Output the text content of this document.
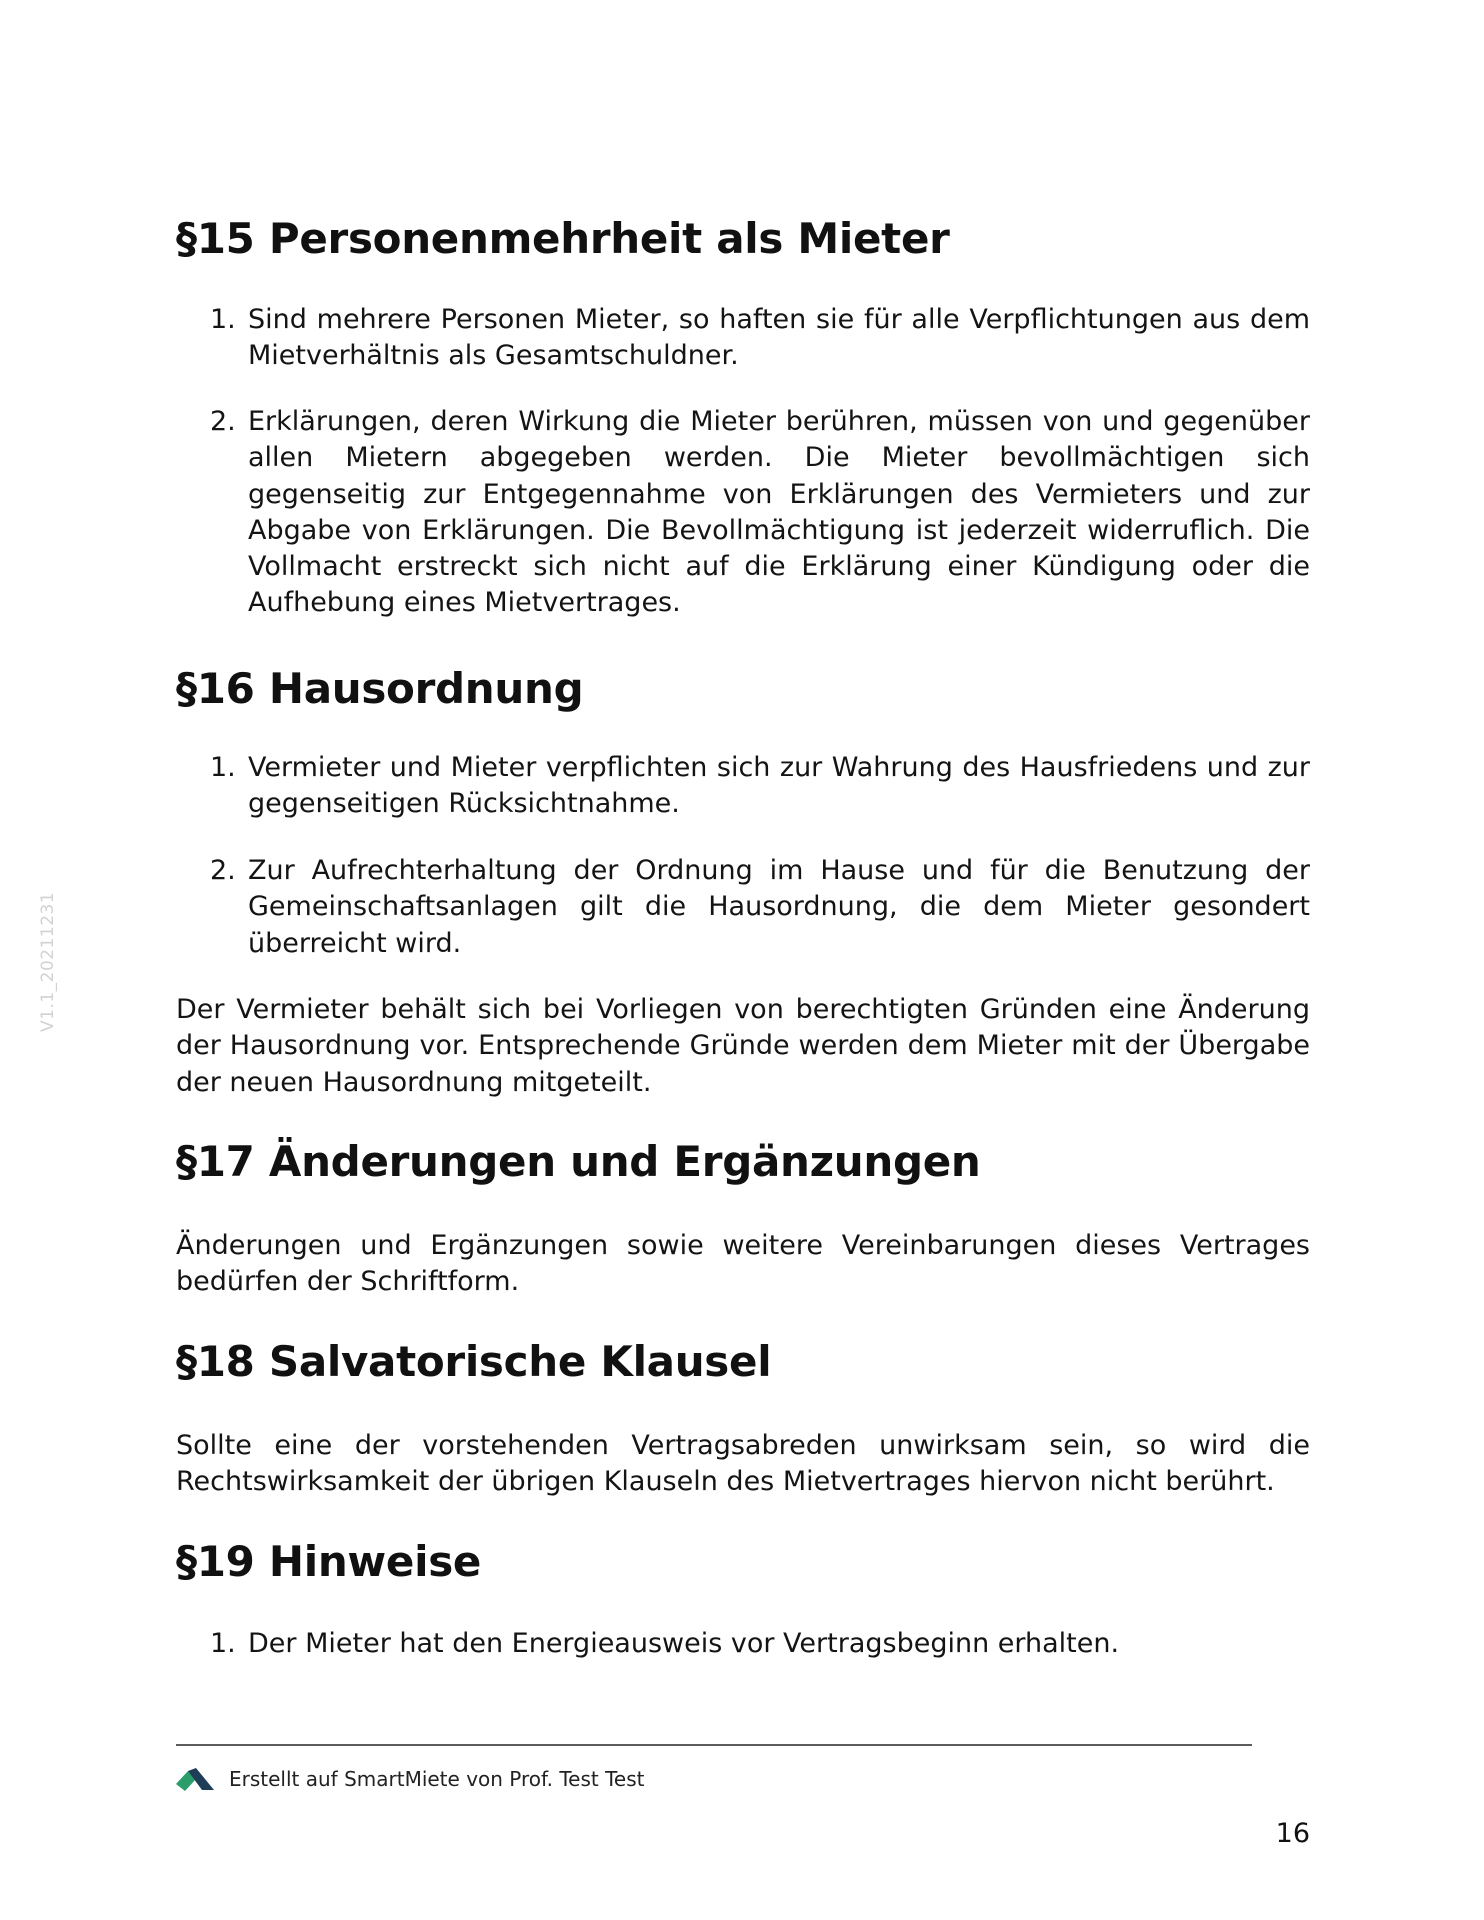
V1.1_20211231
§15 Personenmehrheit als Mieter
1. Sind mehrere Personen Mieter, so haften sie für alle Verpflichtungen aus dem Mietverhältnis als Gesamtschuldner.
2. Erklärungen, deren Wirkung die Mieter berühren, müssen von und gegenüber allen Mietern abgegeben werden. Die Mieter bevollmächtigen sich gegenseitig zur Entgegennahme von Erklärungen des Vermieters und zur Abgabe von Erklärungen. Die Bevollmächtigung ist jederzeit widerruflich. Die Vollmacht erstreckt sich nicht auf die Erklärung einer Kündigung oder die Aufhebung eines Mietvertrages.
§16 Hausordnung
1. Vermieter und Mieter verpflichten sich zur Wahrung des Hausfriedens und zur gegenseitigen Rücksichtnahme.
2. Zur Aufrechterhaltung der Ordnung im Hause und für die Benutzung der Gemeinschaftsanlagen gilt die Hausordnung, die dem Mieter gesondert überreicht wird.
Der Vermieter behält sich bei Vorliegen von berechtigten Gründen eine Änderung der Hausordnung vor. Entsprechende Gründe werden dem Mieter mit der Übergabe der neuen Hausordnung mitgeteilt.
§17 Änderungen und Ergänzungen
Änderungen und Ergänzungen sowie weitere Vereinbarungen dieses Vertrages bedürfen der Schriftform.
§18 Salvatorische Klausel
Sollte eine der vorstehenden Vertragsabreden unwirksam sein, so wird die Rechtswirksamkeit der übrigen Klauseln des Mietvertrages hiervon nicht berührt.
§19 Hinweise
1. Der Mieter hat den Energieausweis vor Vertragsbeginn erhalten.
Erstellt auf SmartMiete von Prof. Test Test
16
